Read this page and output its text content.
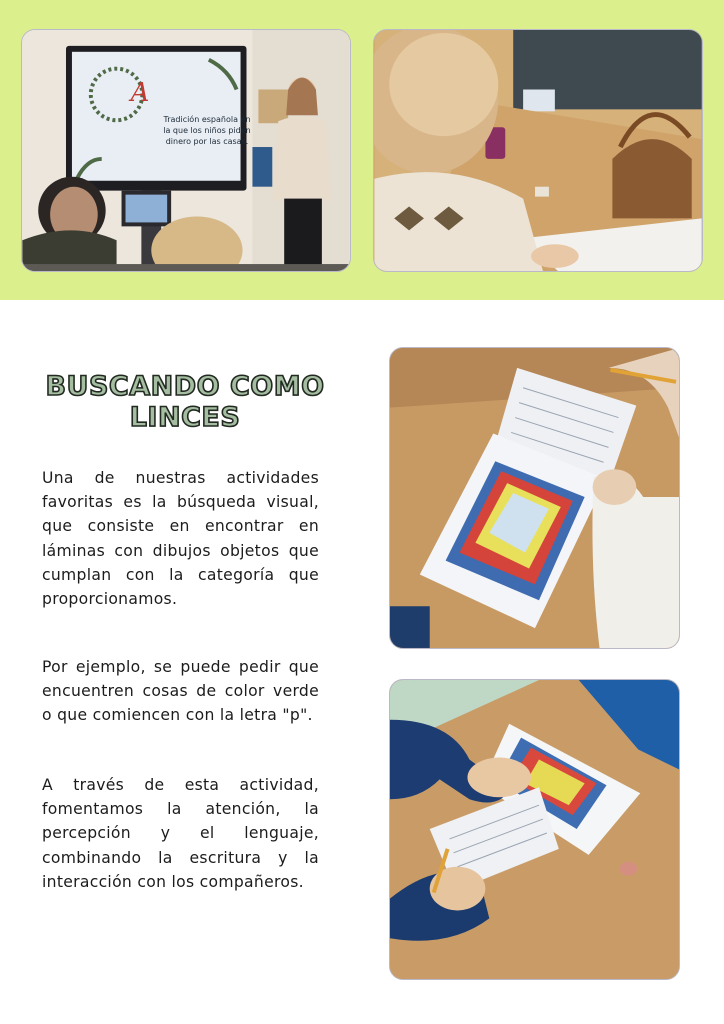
A
Tradición española en la que los niños piden dinero por las casas.
BUSCANDO COMO LINCES

Una de nuestras actividades favoritas es la búsqueda visual, que consiste en encontrar en láminas con dibujos objetos que cumplan con la categoría que proporcionamos.

Por ejemplo, se puede pedir que encuentren cosas de color verde o que comiencen con la letra "p".

A través de esta actividad, fomentamos la atención, la percepción y el lenguaje, combinando la escritura y la interacción con los compañeros.
